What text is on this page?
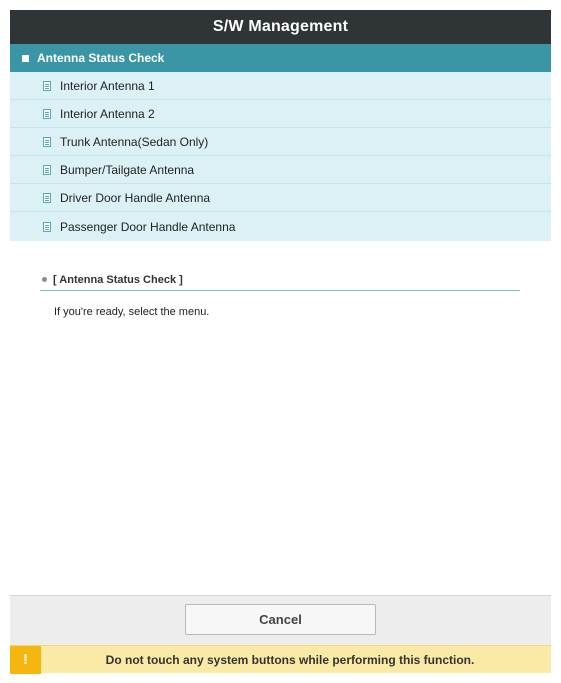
S/W Management
Antenna Status Check
Interior Antenna 1
Interior Antenna 2
Trunk Antenna(Sedan Only)
Bumper/Tailgate Antenna
Driver Door Handle Antenna
Passenger Door Handle Antenna
[ Antenna Status Check ]
If you're ready, select the menu.
Cancel
!	Do not touch any system buttons while performing this function.
